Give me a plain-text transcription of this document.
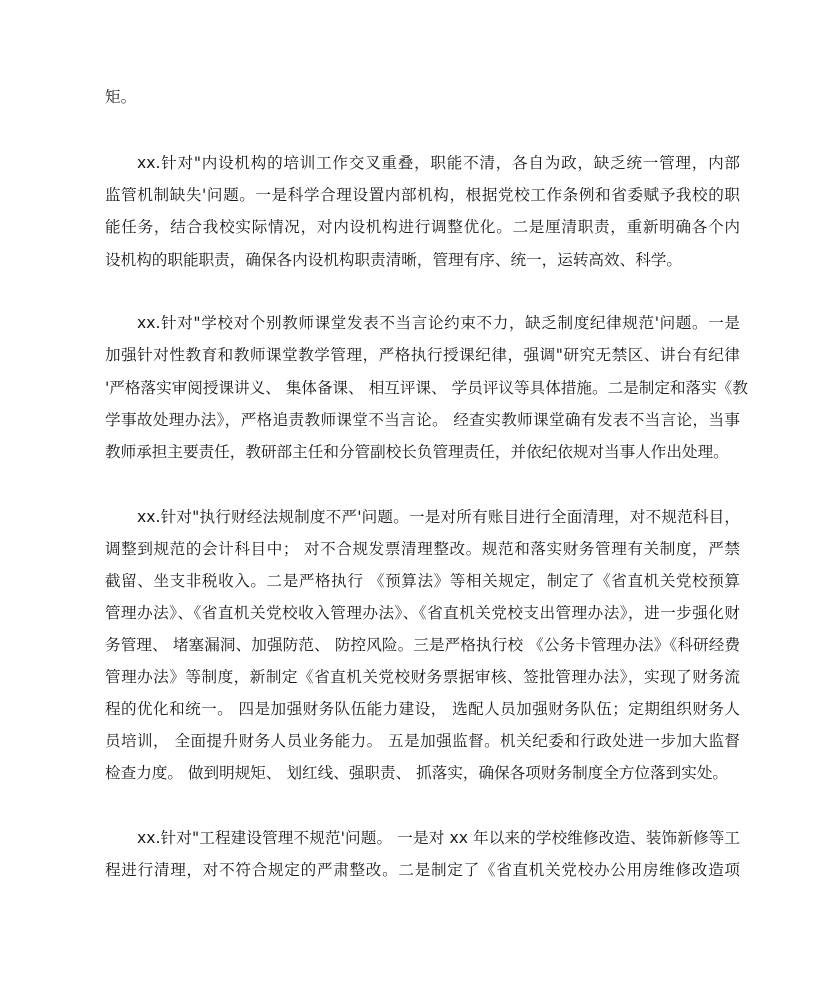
矩。
xx.针对"内设机构的培训工作交叉重叠，职能不清，各自为政，缺乏统一管理，内部
监管机制缺失'问题。一是科学合理设置内部机构，根据党校工作条例和省委赋予我校的职
能任务，结合我校实际情况，对内设机构进行调整优化。二是厘清职责，重新明确各个内
设机构的职能职责，确保各内设机构职责清晰，管理有序、统一，运转高效、科学。
xx.针对"学校对个别教师课堂发表不当言论约束不力，缺乏制度纪律规范'问题。一是
加强针对性教育和教师课堂教学管理，严格执行授课纪律，强调"研究无禁区、讲台有纪律
'严格落实审阅授课讲义、 集体备课、 相互评课、 学员评议等具体措施。二是制定和落实《教
学事故处理办法》，严格追责教师课堂不当言论。 经查实教师课堂确有发表不当言论，当事
教师承担主要责任，教研部主任和分管副校长负管理责任，并依纪依规对当事人作出处理。
xx.针对"执行财经法规制度不严'问题。一是对所有账目进行全面清理，对不规范科目，
调整到规范的会计科目中； 对不合规发票清理整改。规范和落实财务管理有关制度，严禁
截留、坐支非税收入。二是严格执行 《预算法》等相关规定，制定了《省直机关党校预算
管理办法》、《省直机关党校收入管理办法》、《省直机关党校支出管理办法》，进一步强化财
务管理、 堵塞漏洞、加强防范、 防控风险。三是严格执行校 《公务卡管理办法》《科研经费
管理办法》等制度，新制定《省直机关党校财务票据审核、签批管理办法》，实现了财务流
程的优化和统一。 四是加强财务队伍能力建设， 选配人员加强财务队伍；定期组织财务人
员培训， 全面提升财务人员业务能力。 五是加强监督。机关纪委和行政处进一步加大监督
检查力度。 做到明规矩、 划红线、强职责、 抓落实，确保各项财务制度全方位落到实处。
xx.针对"工程建设管理不规范'问题。 一是对 xx 年以来的学校维修改造、装饰新修等工
程进行清理，对不符合规定的严肃整改。二是制定了《省直机关党校办公用房维修改造项
